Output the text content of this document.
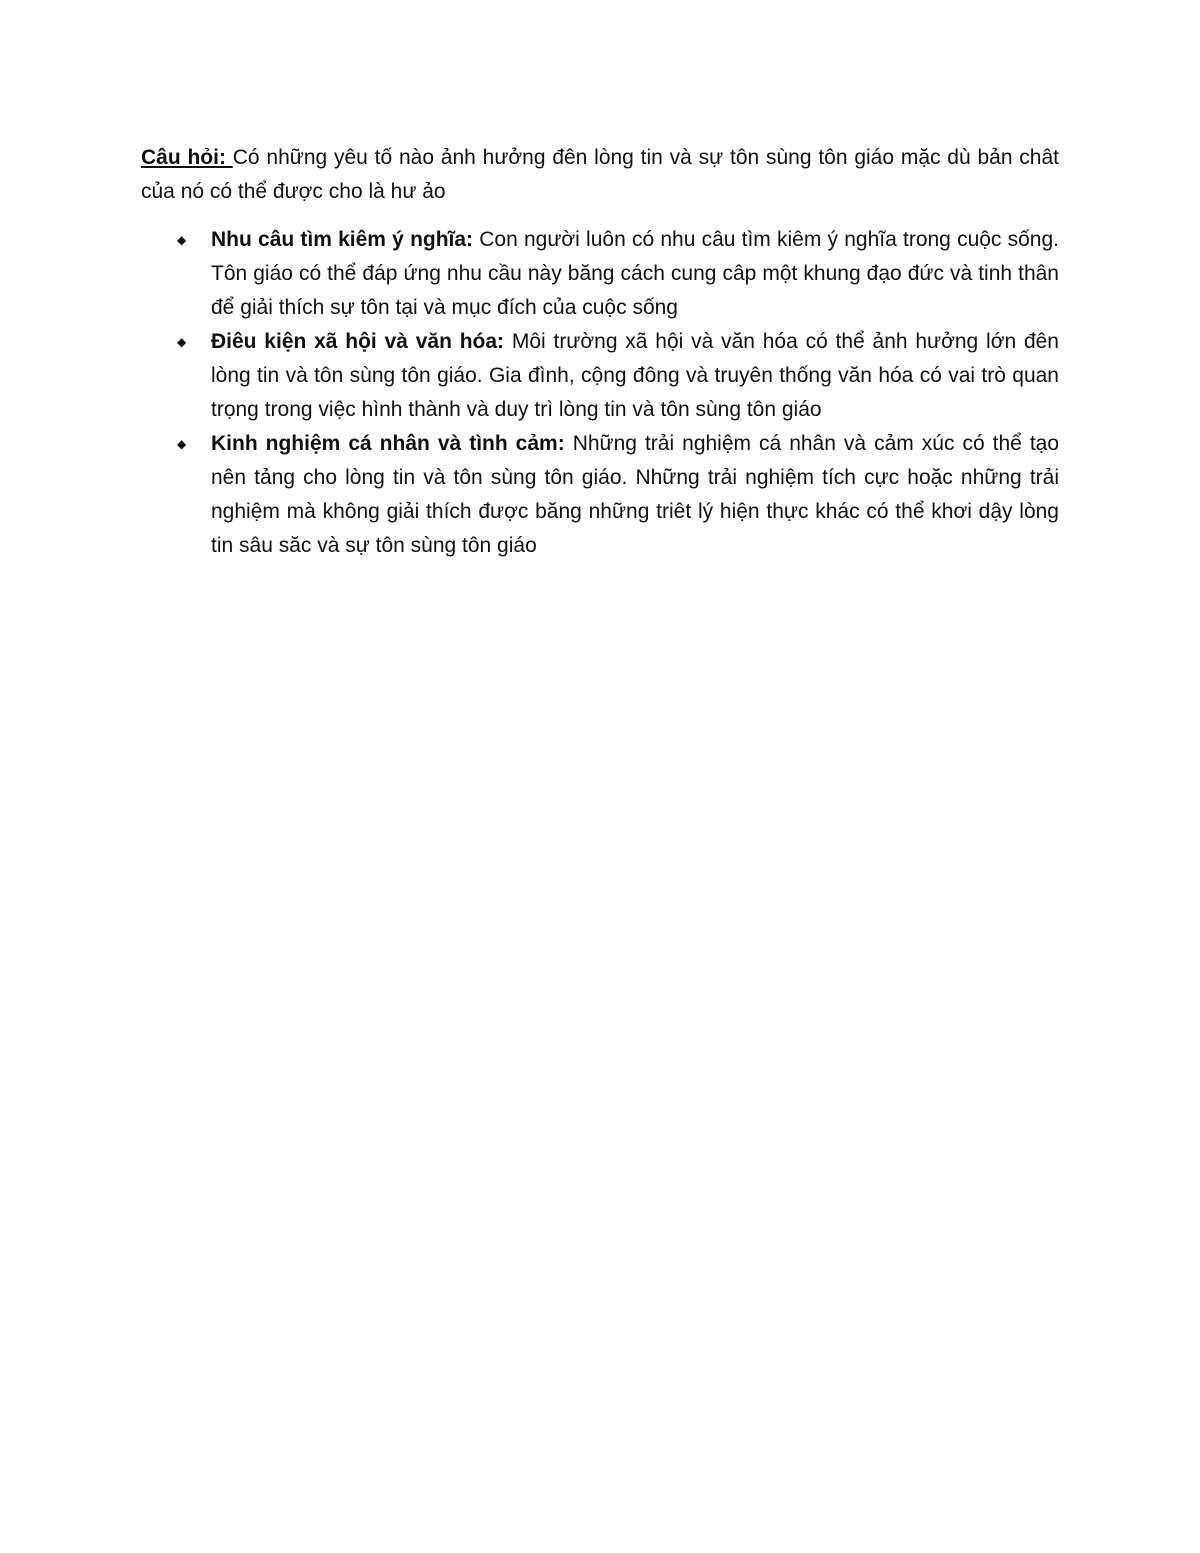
Câu hỏi: Có những yêu tố nào ảnh hưởng đên lòng tin và sự tôn sùng tôn giáo mặc dù bản chât của nó có thể được cho là hư ảo

◆ Nhu câu tìm kiêm ý nghĩa: Con người luôn có nhu câu tìm kiêm ý nghĩa trong cuộc sống. Tôn giáo có thể đáp ứng nhu cầu này băng cách cung câp một khung đạo đức và tinh thân để giải thích sự tôn tại và mục đích của cuộc sống
◆ Điêu kiện xã hội và văn hóa: Môi trường xã hội và văn hóa có thể ảnh hưởng lớn đên lòng tin và tôn sùng tôn giáo. Gia đình, cộng đông và truyên thống văn hóa có vai trò quan trọng trong việc hình thành và duy trì lòng tin và tôn sùng tôn giáo
◆ Kinh nghiệm cá nhân và tình cảm: Những trải nghiệm cá nhân và cảm xúc có thể tạo nên tảng cho lòng tin và tôn sùng tôn giáo. Những trải nghiệm tích cực hoặc những trải nghiệm mà không giải thích được băng những triêt lý hiện thực khác có thể khơi dậy lòng tin sâu săc và sự tôn sùng tôn giáo
